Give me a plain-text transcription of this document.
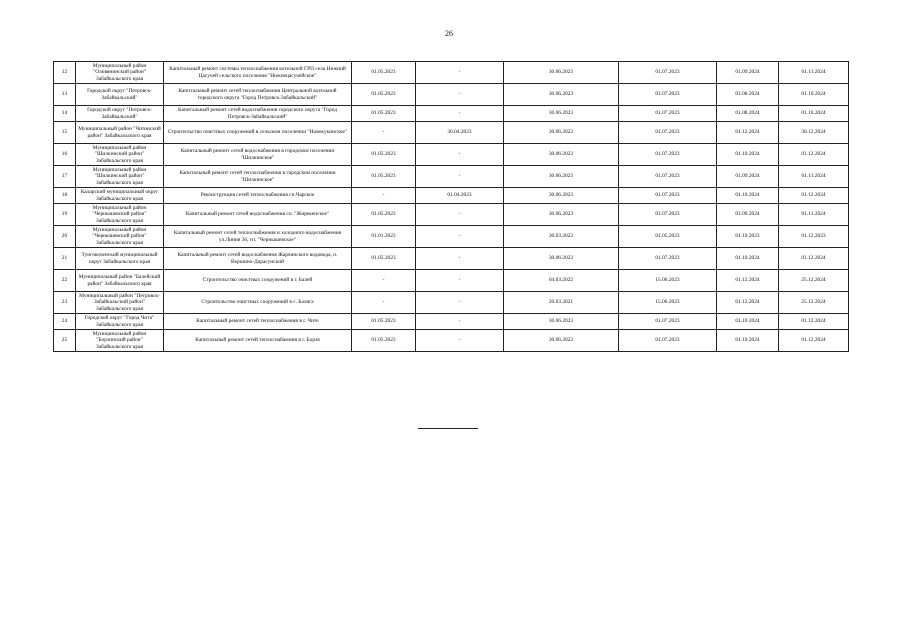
26
12	Муниципальный район "Оловянинский район" Забайкальского края	Капитальный ремонт системы теплоснабжения котельной ГРП села Нижний Цасучей сельского поселения "Нижнецасучейское"	01.05.2023	-	30.06.2023	01.07.2023	01.09.2024	01.11.2024
13	Городской округ "Петровск-Забайкальский"	Капитальный ремонт сетей теплоснабжения Центральной котельной городского округа "Город Петровск-Забайкальский"	01.05.2023	-	30.06.2023	01.07.2023	01.08.2024	01.10.2024
14	Городской округ "Петровск-Забайкальский"	Капитальный ремонт сетей водоснабжения городского округа "Город Петровск-Забайкальский"	01.05.2023	-	30.06.2023	01.07.2023	01.08.2024	01.10.2024
15	Муниципальный район "Читинский район" Забайкальского края	Строительство очистных сооружений в сельском поселении "Новокукинское"	-	30.04.2023	30.06.2023	01.07.2023	01.12.2024	30.12.2024
16	Муниципальный район "Шилкинский район" Забайкальского края	Капитальный ремонт сетей водоснабжения в городском поселении "Шилкинское"	01.05.2023	-	30.06.2023	01.07.2023	01.10.2024	01.12.2024
17	Муниципальный район "Шилкинский район" Забайкальского края	Капитальный ремонт сетей теплоснабжения в городском поселении "Шилкинское"	01.05.2023	-	30.06.2023	01.07.2023	01.09.2024	01.11.2024
18	Каларский муниципальный округ Забайкальского края	Реконструкция сетей теплоснабжения сп.Чарское	-	01.04.2023	30.06.2023	01.07.2023	01.10.2024	01.12.2024
19	Муниципальный район "Чернышевский район" Забайкальского края	Капитальный ремонт сетей водоснабжения сп. "Жирекенское"	01.05.2023	-	30.06.2023	01.07.2023	01.09.2024	01.11.2024
20	Муниципальный район "Чернышевский район" Забайкальского края	Капитальный ремонт сетей теплоснабжения и холодного водоснабжения ул.Линия 36, гп. "Чернышевское"	01.01.2023	-	30.03.2023	01.05.2023	01.10.2023	01.12.2023
21	Тунгокоченский муниципальный округ Забайкальского края	Капитальный ремонт сетей водоснабжения Жарчинского водовода, п. Вершино-Дарасунский	01.05.2023	-	30.06.2023	01.07.2023	01.10.2024	01.12.2024
22	Муниципальный район "Балейский район" Забайкальского края	Строительство очистных сооружений в г. Балей	-	-	04.03.2022	15.06.2023	01.12.2024	25.12.2024
23	Муниципальный район "Петровск-Забайкальский район" Забайкальского края	Строительство очистных сооружений в с. Баляга	-	-	20.03.2021	15.06.2023	01.12.2024	25.12.2024
24	Городской округ "Город Чита" Забайкальского края	Капитальный ремонт сетей теплоснабжения в г. Чите	01.05.2023	-	30.06.2023	01.07.2023	01.10.2024	01.12.2024
25	Муниципальный район "Борзинский район" Забайкальского края	Капитальный ремонт сетей теплоснабжения в г. Борзя	01.05.2023	-	30.06.2023	01.07.2023	01.10.2024	01.12.2024
